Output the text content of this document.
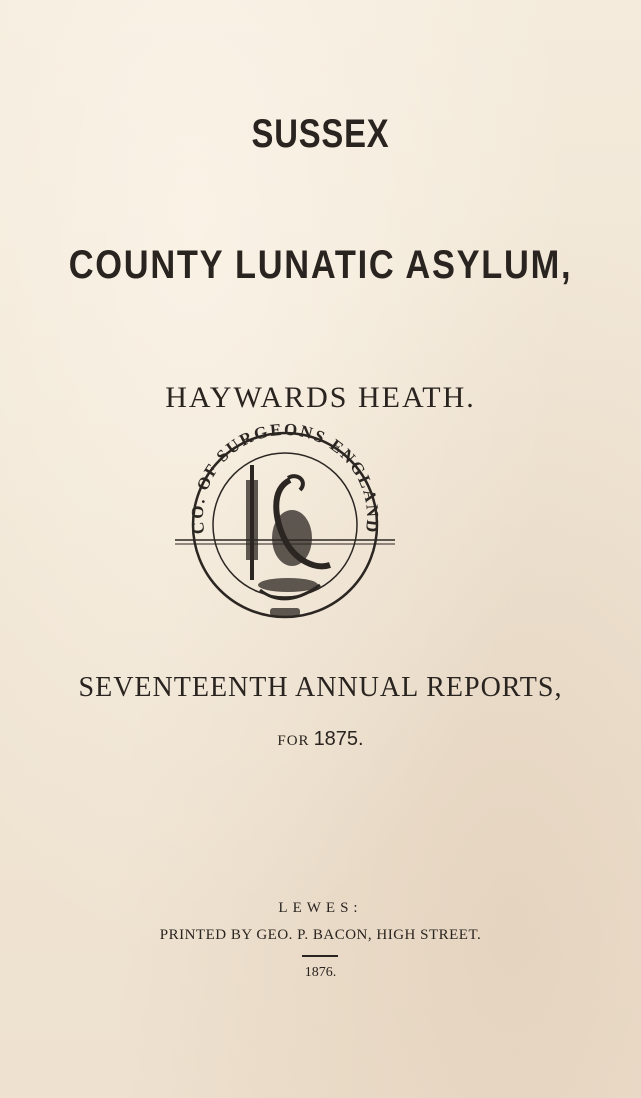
SUSSEX
COUNTY LUNATIC ASYLUM,
HAYWARDS HEATH.
CO. OF SURGEONS ENGLAND
SEVENTEENTH ANNUAL REPORTS,
FOR 1875.
LEWES:
PRINTED BY GEO. P. BACON, HIGH STREET.
1876.
